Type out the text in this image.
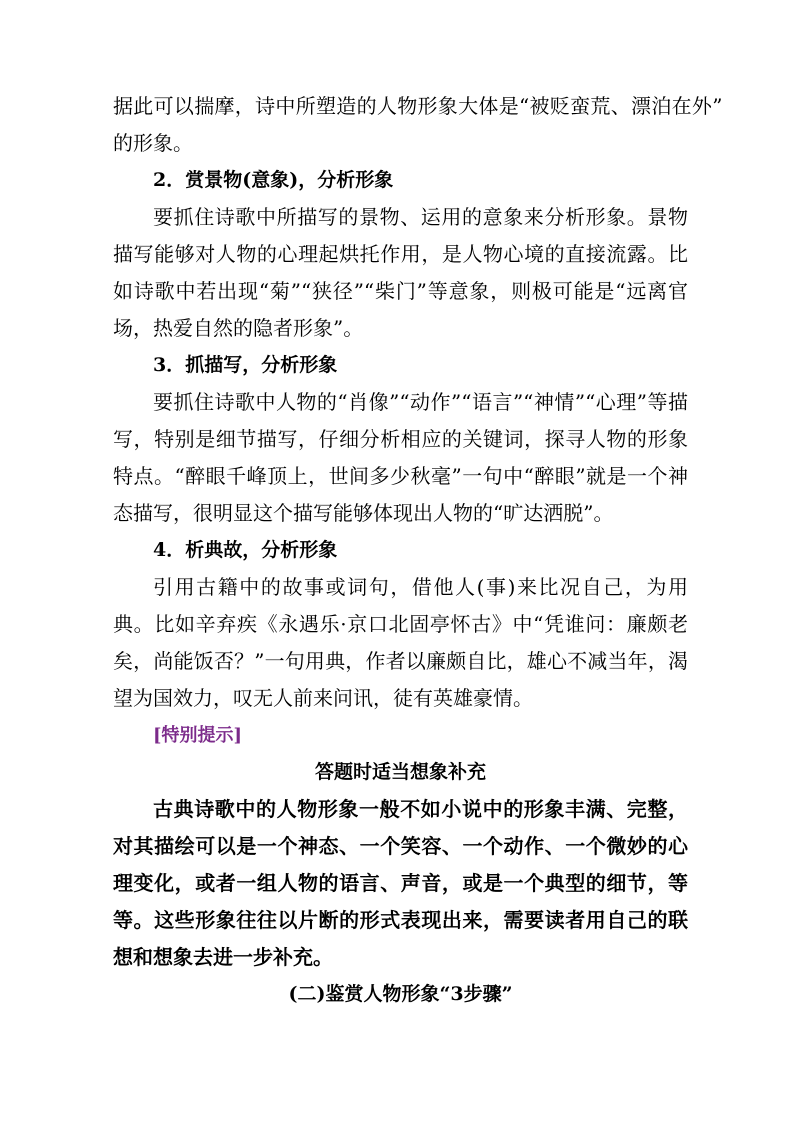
据此可以揣摩，诗中所塑造的人物形象大体是“被贬蛮荒、漂泊在外”
的形象。

2．赏景物(意象)，分析形象

要抓住诗歌中所描写的景物、运用的意象来分析形象。景物描写能够对人物的心理起烘托作用，是人物心境的直接流露。比如诗歌中若出现“菊”“狭径”“柴门”等意象，则极可能是“远离官场，热爱自然的隐者形象”。

3．抓描写，分析形象

要抓住诗歌中人物的“肖像”“动作”“语言”“神情”“心理”等描写，特别是细节描写，仔细分析相应的关键词，探寻人物的形象特点。“醉眼千峰顶上，世间多少秋毫”一句中“醉眼”就是一个神态描写，很明显这个描写能够体现出人物的“旷达洒脱”。

4．析典故，分析形象

引用古籍中的故事或词句，借他人(事)来比况自己，为用典。比如辛弃疾《永遇乐·京口北固亭怀古》中“凭谁问：廉颇老矣，尚能饭否？”一句用典，作者以廉颇自比，雄心不减当年，渴望为国效力，叹无人前来问讯，徒有英雄豪情。

[特别提示]

答题时适当想象补充

古典诗歌中的人物形象一般不如小说中的形象丰满、完整，对其描绘可以是一个神态、一个笑容、一个动作、一个微妙的心理变化，或者一组人物的语言、声音，或是一个典型的细节，等等。这些形象往往以片断的形式表现出来，需要读者用自己的联想和想象去进一步补充。

(二)鉴赏人物形象“3步骤”
